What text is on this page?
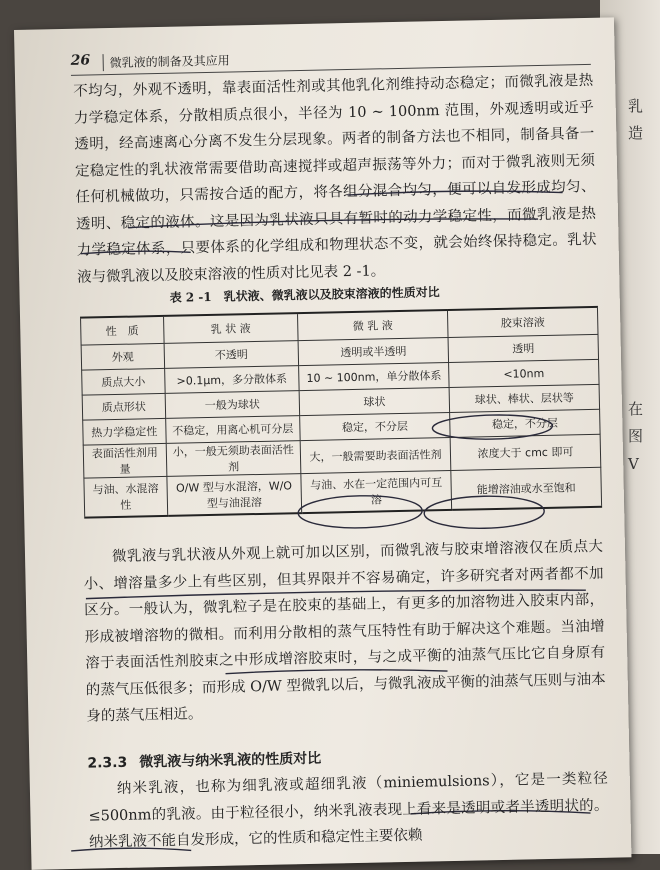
乳
造
在
图
V
26	微乳液的制备及其应用

不均匀，外观不透明，靠表面活性剂或其他乳化剂维持动态稳定；而微乳液是热力学稳定体系，分散相质点很小，半径为 10 ~ 100nm 范围，外观透明或近乎透明，经高速离心分离不发生分层现象。两者的制备方法也不相同，制备具备一定稳定性的乳状液常需要借助高速搅拌或超声振荡等外力；而对于微乳液则无须任何机械做功，只需按合适的配方，将各组分混合均匀，便可以自发形成均匀、透明、稳定的液体。这是因为乳状液只具有暂时的动力学稳定性，而微乳液是热力学稳定体系，只要体系的化学组成和物理状态不变，就会始终保持稳定。乳状液与微乳液以及胶束溶液的性质对比见表 2 -1。

表 2 -1　乳状液、微乳液以及胶束溶液的性质对比
性　质	乳 状 液	微 乳 液	胶束溶液
外观	不透明	透明或半透明	透明
质点大小	>0.1μm，多分散体系	10 ~ 100nm，单分散体系	<10nm
质点形状	一般为球状	球状	球状、棒状、层状等
热力学稳定性	不稳定，用离心机可分层	稳定，不分层	稳定，不分层
表面活性剂用量	小，一般无须助表面活性剂	大，一般需要助表面活性剂	浓度大于 cmc 即可
与油、水混溶性	O/W 型与水混溶，W/O 型与油混溶	与油、水在一定范围内可互溶	能增溶油或水至饱和

微乳液与乳状液从外观上就可加以区别，而微乳液与胶束增溶液仅在质点大小、增溶量多少上有些区别，但其界限并不容易确定，许多研究者对两者都不加区分。一般认为，微乳粒子是在胶束的基础上，有更多的加溶物进入胶束内部，形成被增溶物的微相。而利用分散相的蒸气压特性有助于解决这个难题。当油增溶于表面活性剂胶束之中形成增溶胶束时，与之成平衡的油蒸气压比它自身原有的蒸气压低很多；而形成 O/W 型微乳以后，与微乳液成平衡的油蒸气压则与油本身的蒸气压相近。

2.3.3 微乳液与纳米乳液的性质对比

纳米乳液，也称为细乳液或超细乳液（miniemulsions），它是一类粒径≤500nm的乳液。由于粒径很小，纳米乳液表现上看来是透明或者半透明状的。纳米乳液不能自发形成，它的性质和稳定性主要依赖
